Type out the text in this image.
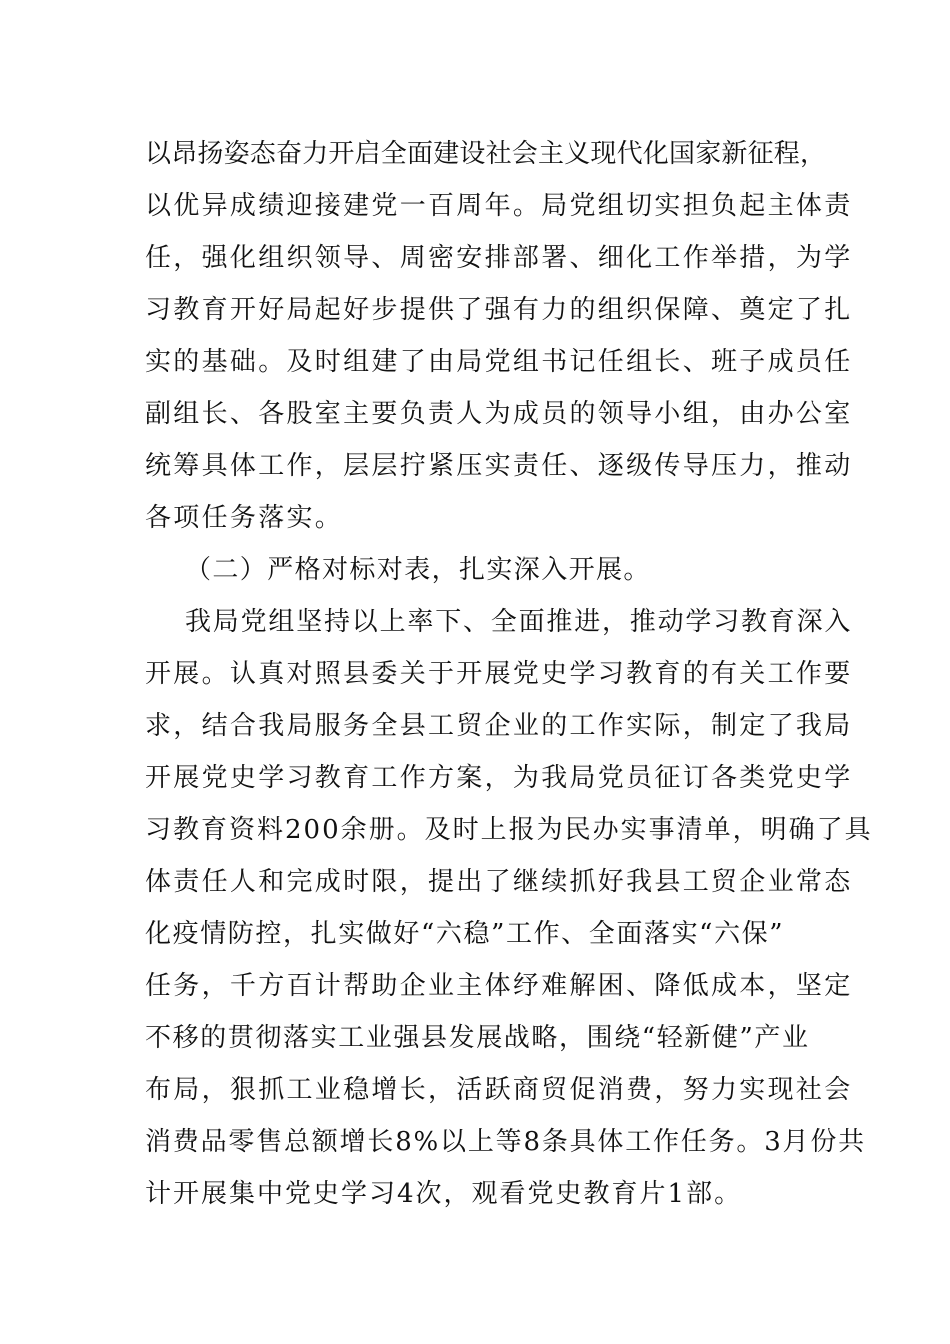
以昂扬姿态奋力开启全面建设社会主义现代化国家新征程，
以优异成绩迎接建党一百周年。局党组切实担负起主体责
任，强化组织领导、周密安排部署、细化工作举措，为学
习教育开好局起好步提供了强有力的组织保障、奠定了扎
实的基础。及时组建了由局党组书记任组长、班子成员任
副组长、各股室主要负责人为成员的领导小组，由办公室
统筹具体工作，层层拧紧压实责任、逐级传导压力，推动
各项任务落实。
（二）严格对标对表，扎实深入开展。
我局党组坚持以上率下、全面推进，推动学习教育深入
开展。认真对照县委关于开展党史学习教育的有关工作要
求，结合我局服务全县工贸企业的工作实际，制定了我局
开展党史学习教育工作方案，为我局党员征订各类党史学
习教育资料200余册。及时上报为民办实事清单，明确了具
体责任人和完成时限，提出了继续抓好我县工贸企业常态
化疫情防控，扎实做好“六稳”工作、全面落实“六保”
任务，千方百计帮助企业主体纾难解困、降低成本，坚定
不移的贯彻落实工业强县发展战略，围绕“轻新健”产业
布局，狠抓工业稳增长，活跃商贸促消费，努力实现社会
消费品零售总额增长8%以上等8条具体工作任务。3月份共
计开展集中党史学习4次，观看党史教育片1部。
